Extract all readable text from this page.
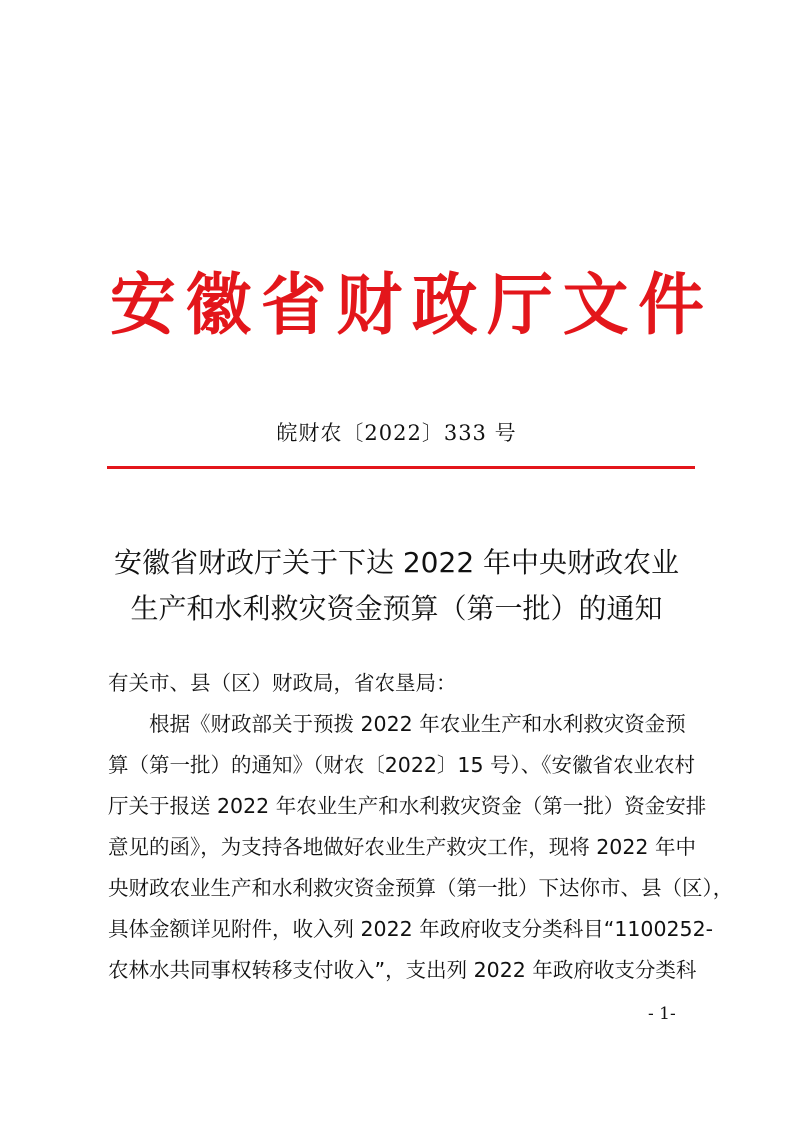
安徽省财政厅文件
皖财农〔2022〕333 号
安徽省财政厅关于下达 2022 年中央财政农业
生产和水利救灾资金预算（第一批）的通知
有关市、县（区）财政局，省农垦局：
根据《财政部关于预拨 2022 年农业生产和水利救灾资金预
算（第一批）的通知》（财农〔2022〕15 号）、《安徽省农业农村
厅关于报送 2022 年农业生产和水利救灾资金（第一批）资金安排
意见的函》，为支持各地做好农业生产救灾工作，现将 2022 年中
央财政农业生产和水利救灾资金预算（第一批）下达你市、县（区），
具体金额详见附件，收入列 2022 年政府收支分类科目“1100252-
农林水共同事权转移支付收入”，支出列 2022 年政府收支分类科
- 1-
